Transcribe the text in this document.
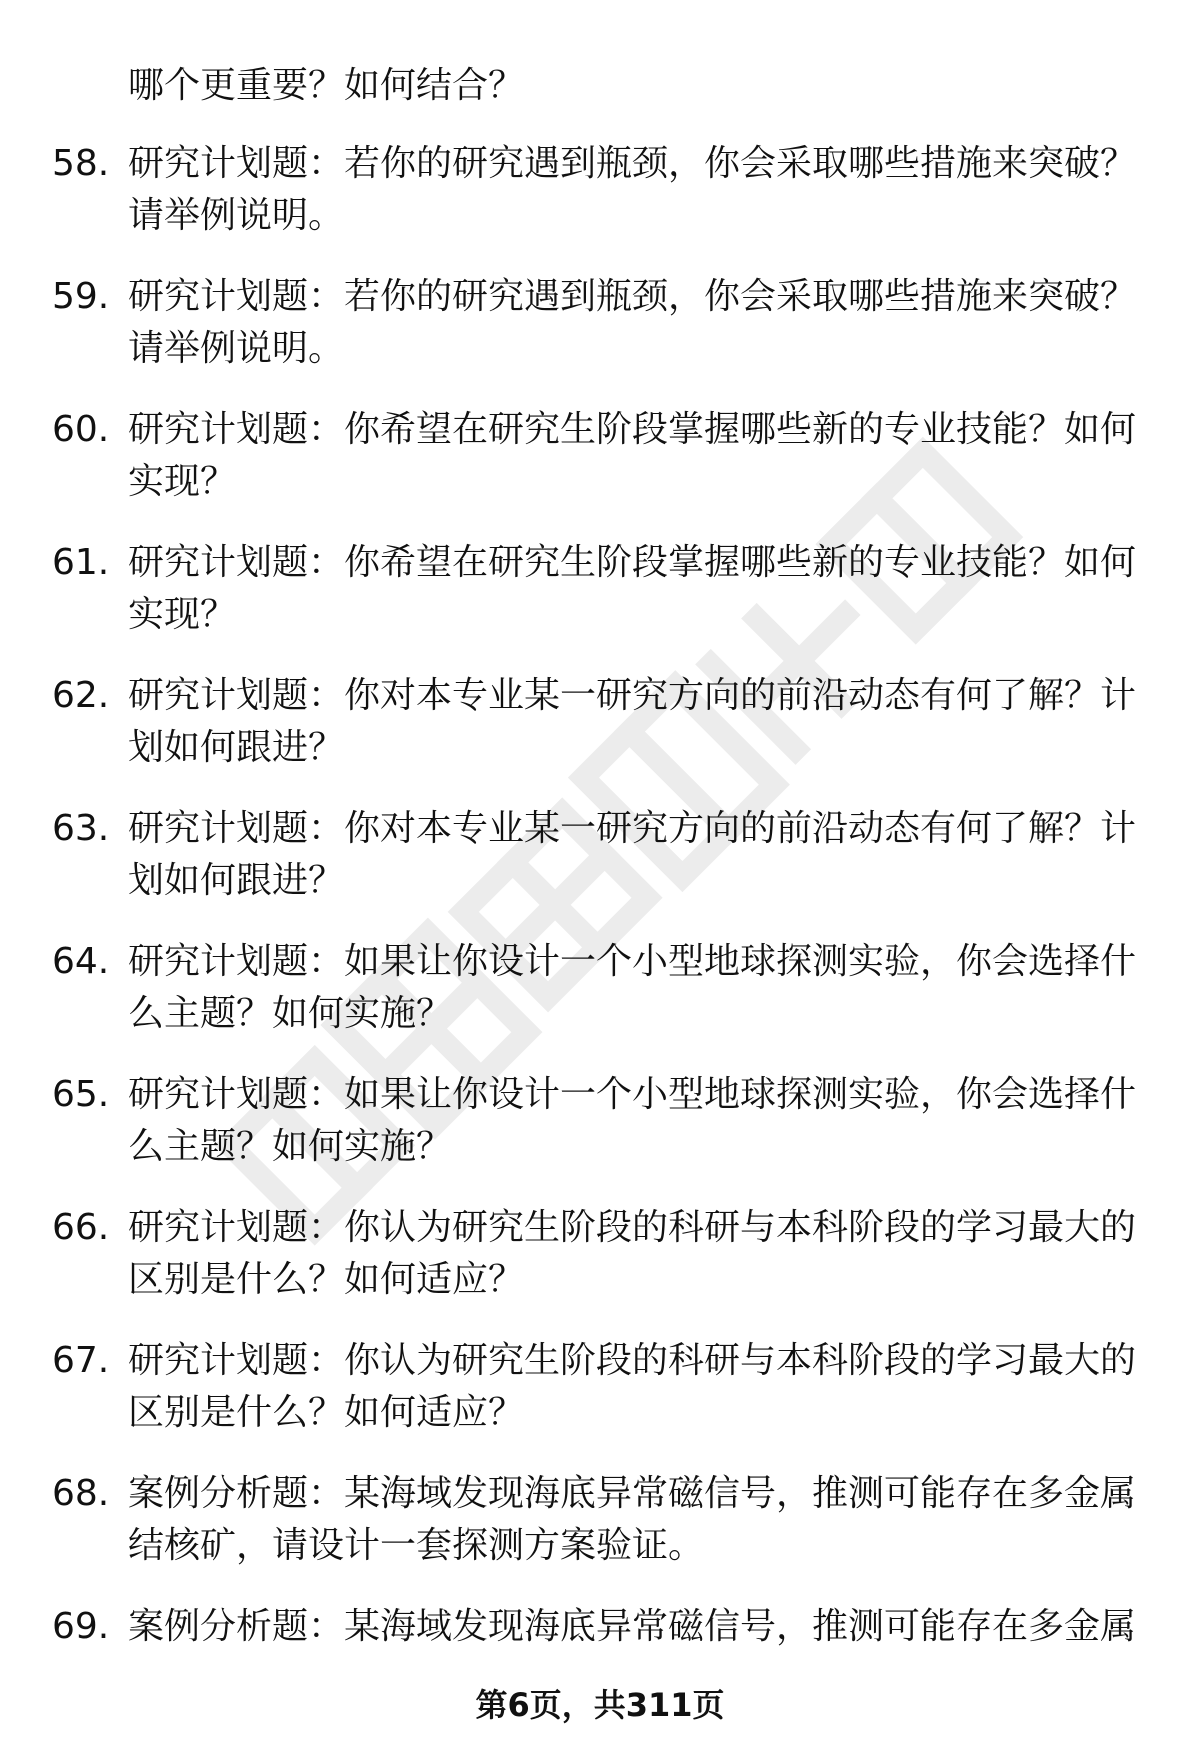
哪个更重要？如何结合？
58. 研究计划题：若你的研究遇到瓶颈，你会采取哪些措施来突破？请举例说明。
59. 研究计划题：若你的研究遇到瓶颈，你会采取哪些措施来突破？请举例说明。
60. 研究计划题：你希望在研究生阶段掌握哪些新的专业技能？如何实现？
61. 研究计划题：你希望在研究生阶段掌握哪些新的专业技能？如何实现？
62. 研究计划题：你对本专业某一研究方向的前沿动态有何了解？计划如何跟进？
63. 研究计划题：你对本专业某一研究方向的前沿动态有何了解？计划如何跟进？
64. 研究计划题：如果让你设计一个小型地球探测实验，你会选择什么主题？如何实施？
65. 研究计划题：如果让你设计一个小型地球探测实验，你会选择什么主题？如何实施？
66. 研究计划题：你认为研究生阶段的科研与本科阶段的学习最大的区别是什么？如何适应？
67. 研究计划题：你认为研究生阶段的科研与本科阶段的学习最大的区别是什么？如何适应？
68. 案例分析题：某海域发现海底异常磁信号，推测可能存在多金属结核矿，请设计一套探测方案验证。
69. 案例分析题：某海域发现海底异常磁信号，推测可能存在多金属
第6页，共311页
